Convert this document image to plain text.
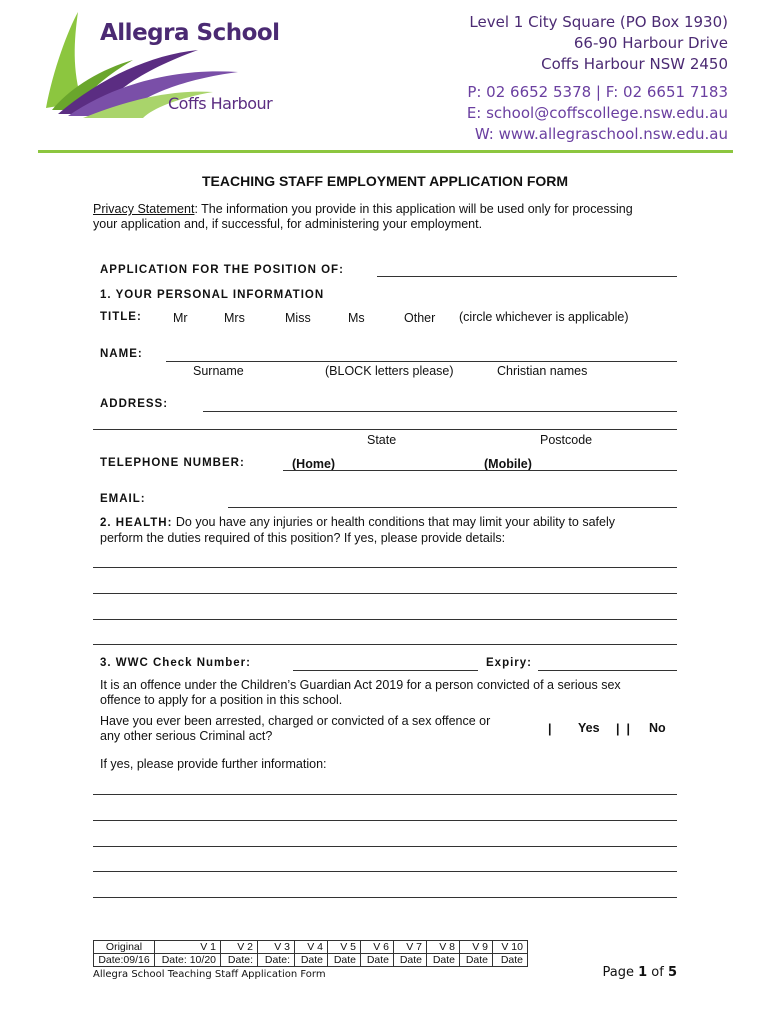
Allegra School
Coffs Harbour
Level 1 City Square (PO Box 1930)
66-90 Harbour Drive
Coffs Harbour NSW 2450
P: 02 6652 5378 | F: 02 6651 7183
E: school@coffscollege.nsw.edu.au
W: www.allegraschool.nsw.edu.au
TEACHING STAFF EMPLOYMENT APPLICATION FORM
Privacy Statement: The information you provide in this application will be used only for processing
your application and, if successful, for administering your employment.
APPLICATION FOR THE POSITION OF:
1. YOUR PERSONAL INFORMATION
TITLE: Mr	Mrs	Miss	Ms	Other (circle whichever is applicable)
NAME:
Surname	(BLOCK letters please)	Christian names
ADDRESS:
State	Postcode
TELEPHONE NUMBER:	(Home)	(Mobile)
EMAIL:
2. HEALTH: Do you have any injuries or health conditions that may limit your ability to safely
perform the duties required of this position? If yes, please provide details:
3. WWC Check Number:	Expiry:
It is an offence under the Children’s Guardian Act 2019 for a person convicted of a serious sex
offence to apply for a position in this school.
Have you ever been arrested, charged or convicted of a sex offence or
any other serious Criminal act?	| Yes |  | No
If yes, please provide further information:
Original	V 1	V 2	V 3	V 4	V 5	V 6	V 7	V 8	V 9	V 10
Date:09/16	Date: 10/20	Date:	Date:	Date	Date	Date	Date	Date	Date	Date
Allegra School Teaching Staff Application Form	Page 1 of 5
